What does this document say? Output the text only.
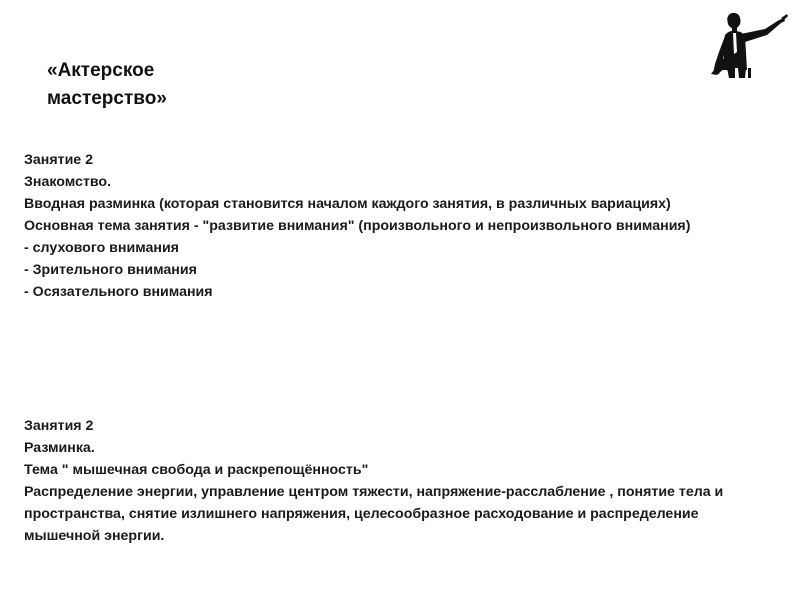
«Актерское
мастерство»

Занятие 2

Знакомство.

Вводная разминка (которая становится началом каждого занятия, в различных вариациях)

Основная тема занятия - "развитие внимания" (произвольного и непроизвольного внимания)

- слухового внимания

- Зрительного внимания

- Осязательного внимания

Занятия 2

Разминка.

Тема " мышечная свобода и раскрепощённость"

Распределение энергии, управление центром тяжести, напряжение-расслабление , понятие тела и пространства, снятие излишнего напряжения, целесообразное расходование и распределение мышечной энергии.
